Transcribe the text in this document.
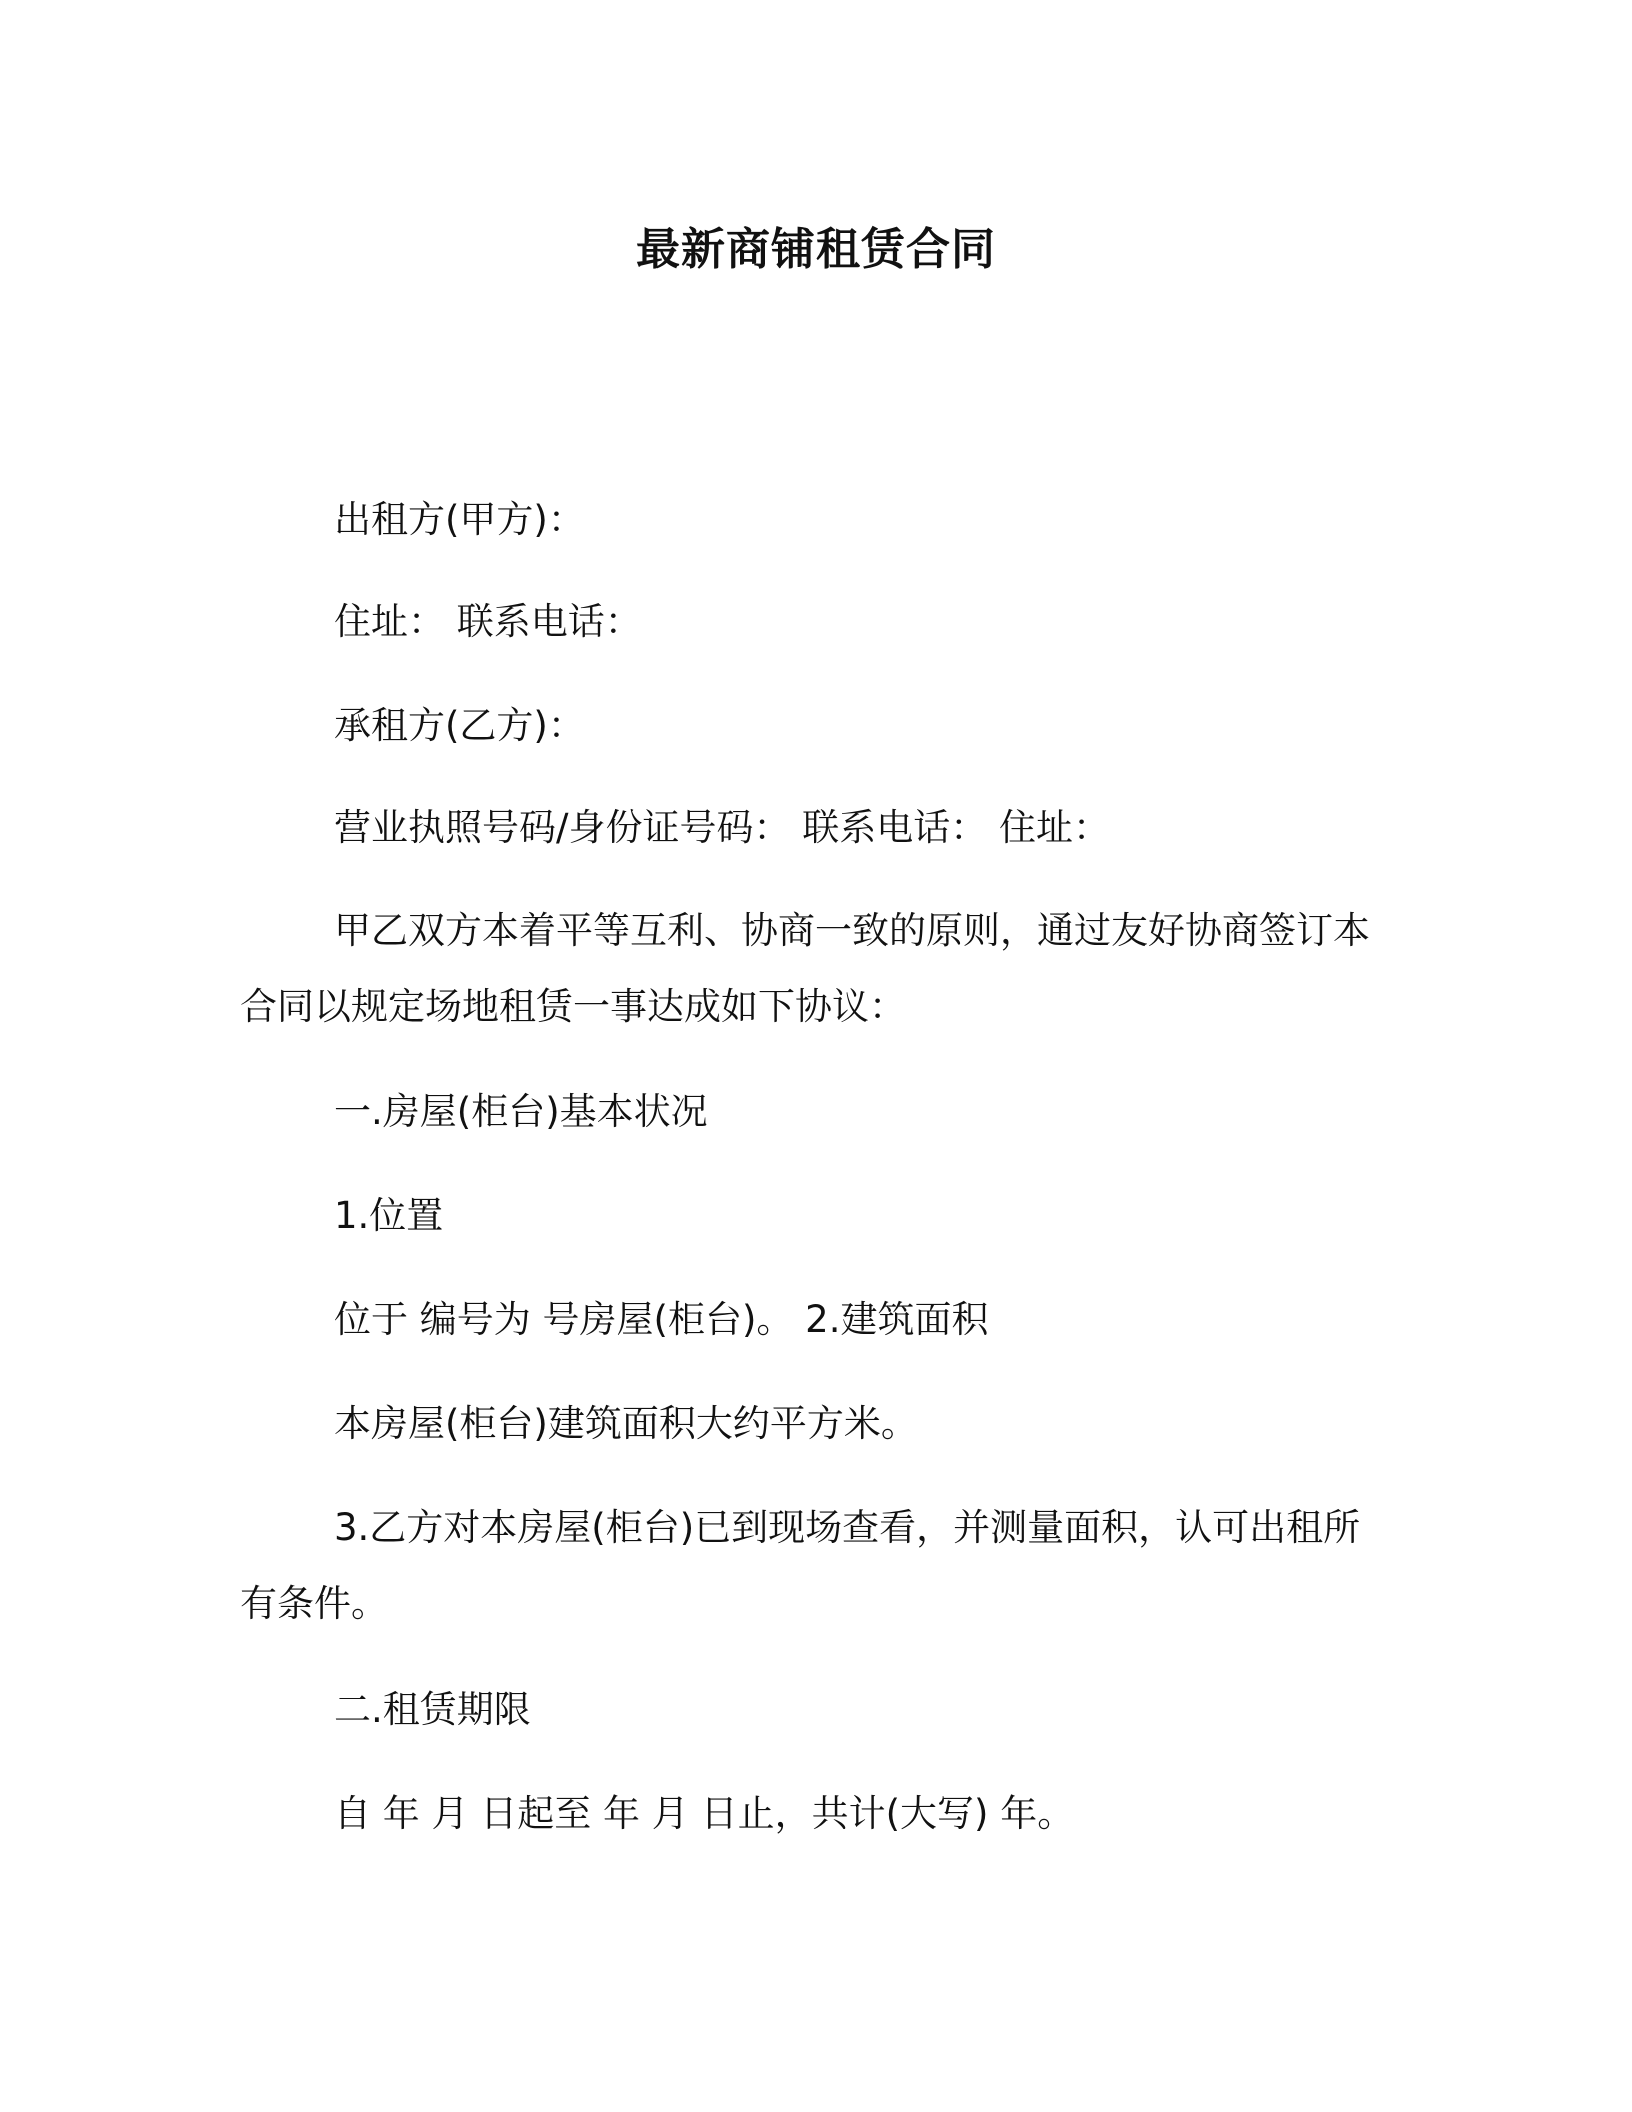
最新商铺租赁合同
出租方(甲方)：
住址： 联系电话：
承租方(乙方)：
营业执照号码/身份证号码： 联系电话： 住址：
甲乙双方本着平等互利、协商一致的原则，通过友好协商签订本合同以规定场地租赁一事达成如下协议：
一.房屋(柜台)基本状况
1.位置
位于 编号为 号房屋(柜台)。 2.建筑面积
本房屋(柜台)建筑面积大约平方米。
3.乙方对本房屋(柜台)已到现场查看，并测量面积，认可出租所有条件。
二.租赁期限
自 年 月 日起至 年 月 日止，共计(大写) 年。
